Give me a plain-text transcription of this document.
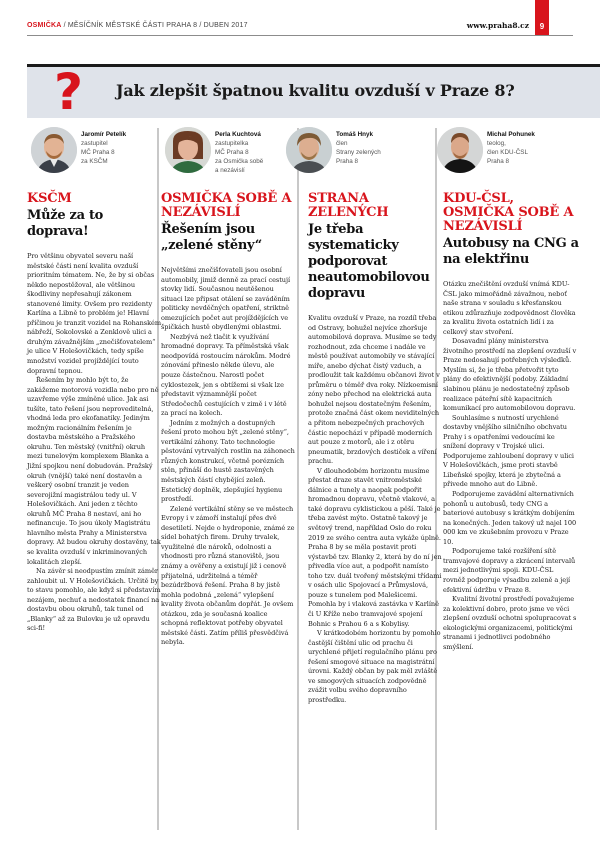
OSMIČKA / MĚSÍČNÍK MĚSTSKÉ ČÁSTI PRAHA 8 / DUBEN 2017	www.praha8.cz	9
? Jak zlepšit špatnou kvalitu ovzduší v Praze 8?
Jaromír Petelík
zastupitel
MČ Praha 8
za KSČM
KSČM
Může za to doprava!

Pro většinu obyvatel severu naší městské části není kvalita ovzduší prioritním tématem. Ne, že by si občas někdo nepostěžoval, ale většinou škodliviny nepřesahují zákonem stanovené limity. Ovšem pro rezidenty Karlína a Libně to problém je! Hlavní příčinou je tranzit vozidel na Rohanském nábřeží, Sokolovské a Zenklově ulici a druhým závažnějším „znečišťovatelem“ je ulice V Holešovičkách, tedy spíše množství vozidel projíždějící touto dopravní tepnou.

Řešením by mohlo být to, že zakážeme motorová vozidla nebo pro ně uzavřeme výše zmíněné ulice. Jak asi tušíte, tato řešení jsou neproveditelná, vhodná leda pro ekofanatiky. Jediným možným racionálním řešením je dostavba městského a Pražského okruhu. Ten městský (vnitřní) okruh mezi tunelovým komplexem Blanka a Jižní spojkou není dobudován. Pražský okruh (vnější) také není dostavěn a veškerý osobní tranzit je veden severojižní magistrálou tedy ul. V Holešovičkách. Ani jeden z těchto okruhů MČ Praha 8 nestaví, ani ho nefinancuje. To jsou úkoly Magistrátu hlavního města Prahy a Ministerstva dopravy. Až budou okruhy dostavěny, tak se kvalita ovzduší v inkriminovaných lokalitách zlepší.

Na závěr si neodpustím zmínit záměr zahloubit ul. V Holešovičkách. Určitě by to stavu pomohlo, ale když si představím nezájem, nechuť a nedostatek financí na dostavbu obou okruhů, tak tunel od „Blanky“ až za Bulovku je už opravdu sci-fi!

Perla Kuchtová
zastupitelka
MČ Praha 8
za Osmička sobě
a nezávislí
OSMIČKA SOBĚ A NEZÁVISLÍ
Řešením jsou „zelené stěny“

Největšími znečišťovateli jsou osobní automobily, jimiž denně za prací cestují stovky lidí. Současnou neutěšenou situaci lze připsat otálení se zaváděním politicky nevděčných opatření, striktně omezujících počet aut projíždějících ve špičkách hustě obydlenými oblastmi.

Nezbývá než tlačit k využívání hromadné dopravy. Ta příměstská však neodpovídá rostoucím nárokům. Modré zónování přineslo někde úlevu, ale pouze částečnou. Narostl počet cyklostezek, jen s obtížemi si však lze představit významnější počet Středočechů cestujících v zimě i v létě za prací na kolech.

Jedním z možných a dostupných řešení proto mohou být „zelené stěny“, vertikální záhony. Tato technologie pěstování vytrvalých rostlin na záhonech různých konstrukcí, včetně porézních stěn, přináší do hustě zastavěných městských částí chybějící zeleň. Estetický doplněk, zlepšující hygienu prostředí.

Zelené vertikální stěny se ve městech Evropy i v zámoří instalují přes dvě desetiletí. Nejde o hydroponie, známé ze sídel bohatých firem. Druhy trvalek, využitelné dle nároků, odolnosti a vhodnosti pro různá stanoviště, jsou známy a ověřeny a existují již i cenově přijatelná, udržitelná a téměř bezúdržbová řešení. Praha 8 by jistě mohla podobná „zelená“ vylepšení kvality života občanům dopřát. Je ovšem otázkou, zda je současná koalice schopná reflektovat potřeby obyvatel městské části. Zatím příliš přesvědčivá nebyla.

Tomáš Hnyk
člen
Strany zelených
Praha 8
STRANA ZELENÝCH
Je třeba systematicky podporovat neautomobilovou dopravu

Kvalitu ovzduší v Praze, na rozdíl třeba od Ostravy, bohužel nejvíce zhoršuje automobilová doprava. Musíme se tedy rozhodnout, zda chceme i nadále ve městě používat automobily ve stávající míře, anebo dýchat čistý vzduch, a prodloužit tak každému občanovi život v průměru o téměř dva roky. Nízkoemisní zóny nebo přechod na elektrická auta bohužel nejsou dostatečným řešením, protože značná část okem neviditelných a přitom nebezpečných prachových částic nepochází v případě moderních aut pouze z motorů, ale i z otěru pneumatik, brzdových destiček a víření prachu.

V dlouhodobém horizontu musíme přestat draze stavět vnitroměstské dálnice a tunely a naopak podpořit hromadnou dopravu, včetně vlakové, a také dopravu cyklistickou a pěší. Také je třeba zavést mýto. Ostatně takový je světový trend, například Oslo do roku 2019 ze svého centra auta vykáže úplně. Praha 8 by se měla postavit proti výstavbě tzv. Blanky 2, která by do ní jen přivedla více aut, a podpořit namísto toho tzv. duál tvořený městskými třídami v osách ulic Spojovací a Průmyslová, pouze s tunelem pod Malešicemi. Pomohla by i vlaková zastávka v Karlíně či U Kříže nebo tramvajové spojení Bohnic s Prahou 6 a s Kobylisy.

V krátkodobém horizontu by pomohlo častější čištění ulic od prachu či urychlené přijetí regulačního plánu pro řešení smogové situace na magistrátní úrovni. Každý občan by pak měl zvláště ve smogových situacích zodpovědně zvážit volbu svého dopravního prostředku.

Michal Pohunek
teolog,
člen KDU-ČSL
Praha 8
KDU-ČSL, OSMIČKA SOBĚ A NEZÁVISLÍ
Autobusy na CNG a na elektřinu

Otázku znečištění ovzduší vnímá KDU-ČSL jako mimořádně závažnou, neboť naše strana v souladu s křesťanskou etikou zdůrazňuje zodpovědnost člověka za kvalitu života ostatních lidí i za celkový stav stvoření.

Dosavadní plány ministerstva životního prostředí na zlepšení ovzduší v Praze nedosahují potřebných výsledků. Myslím si, že je třeba přetvořit tyto plány do efektivnější podoby. Základní slabinou plánu je nedostatečný způsob realizace páteřní sítě kapacitních komunikací pro automobilovou dopravu.

Souhlasíme s nutností urychlené dostavby vnějšího silničního obchvatu Prahy i s opatřeními vedoucími ke snížení dopravy v Trojské ulici. Podporujeme zahloubení dopravy v ulici V Holešovičkách, jsme proti stavbě Libeňské spojky, která je zbytečná a přivede mnoho aut do Libně.

Podporujeme zavádění alternativních pohonů u autobusů, tedy CNG a bateriové autobusy s krátkým dobíjením na konečných. Jeden takový už najel 100 000 km ve zkušebním provozu v Praze 10.

Podporujeme také rozšíření sítě tramvajové dopravy a zkrácení intervalů mezi jednotlivými spoji. KDU-ČSL rovněž podporuje výsadbu zeleně a její efektivní údržbu v Praze 8.

Kvalitní životní prostředí považujeme za kolektivní dobro, proto jsme ve věci zlepšení ovzduší ochotni spolupracovat s ekologickými organizacemi, politickými stranami i jednotlivci podobného smýšlení.
